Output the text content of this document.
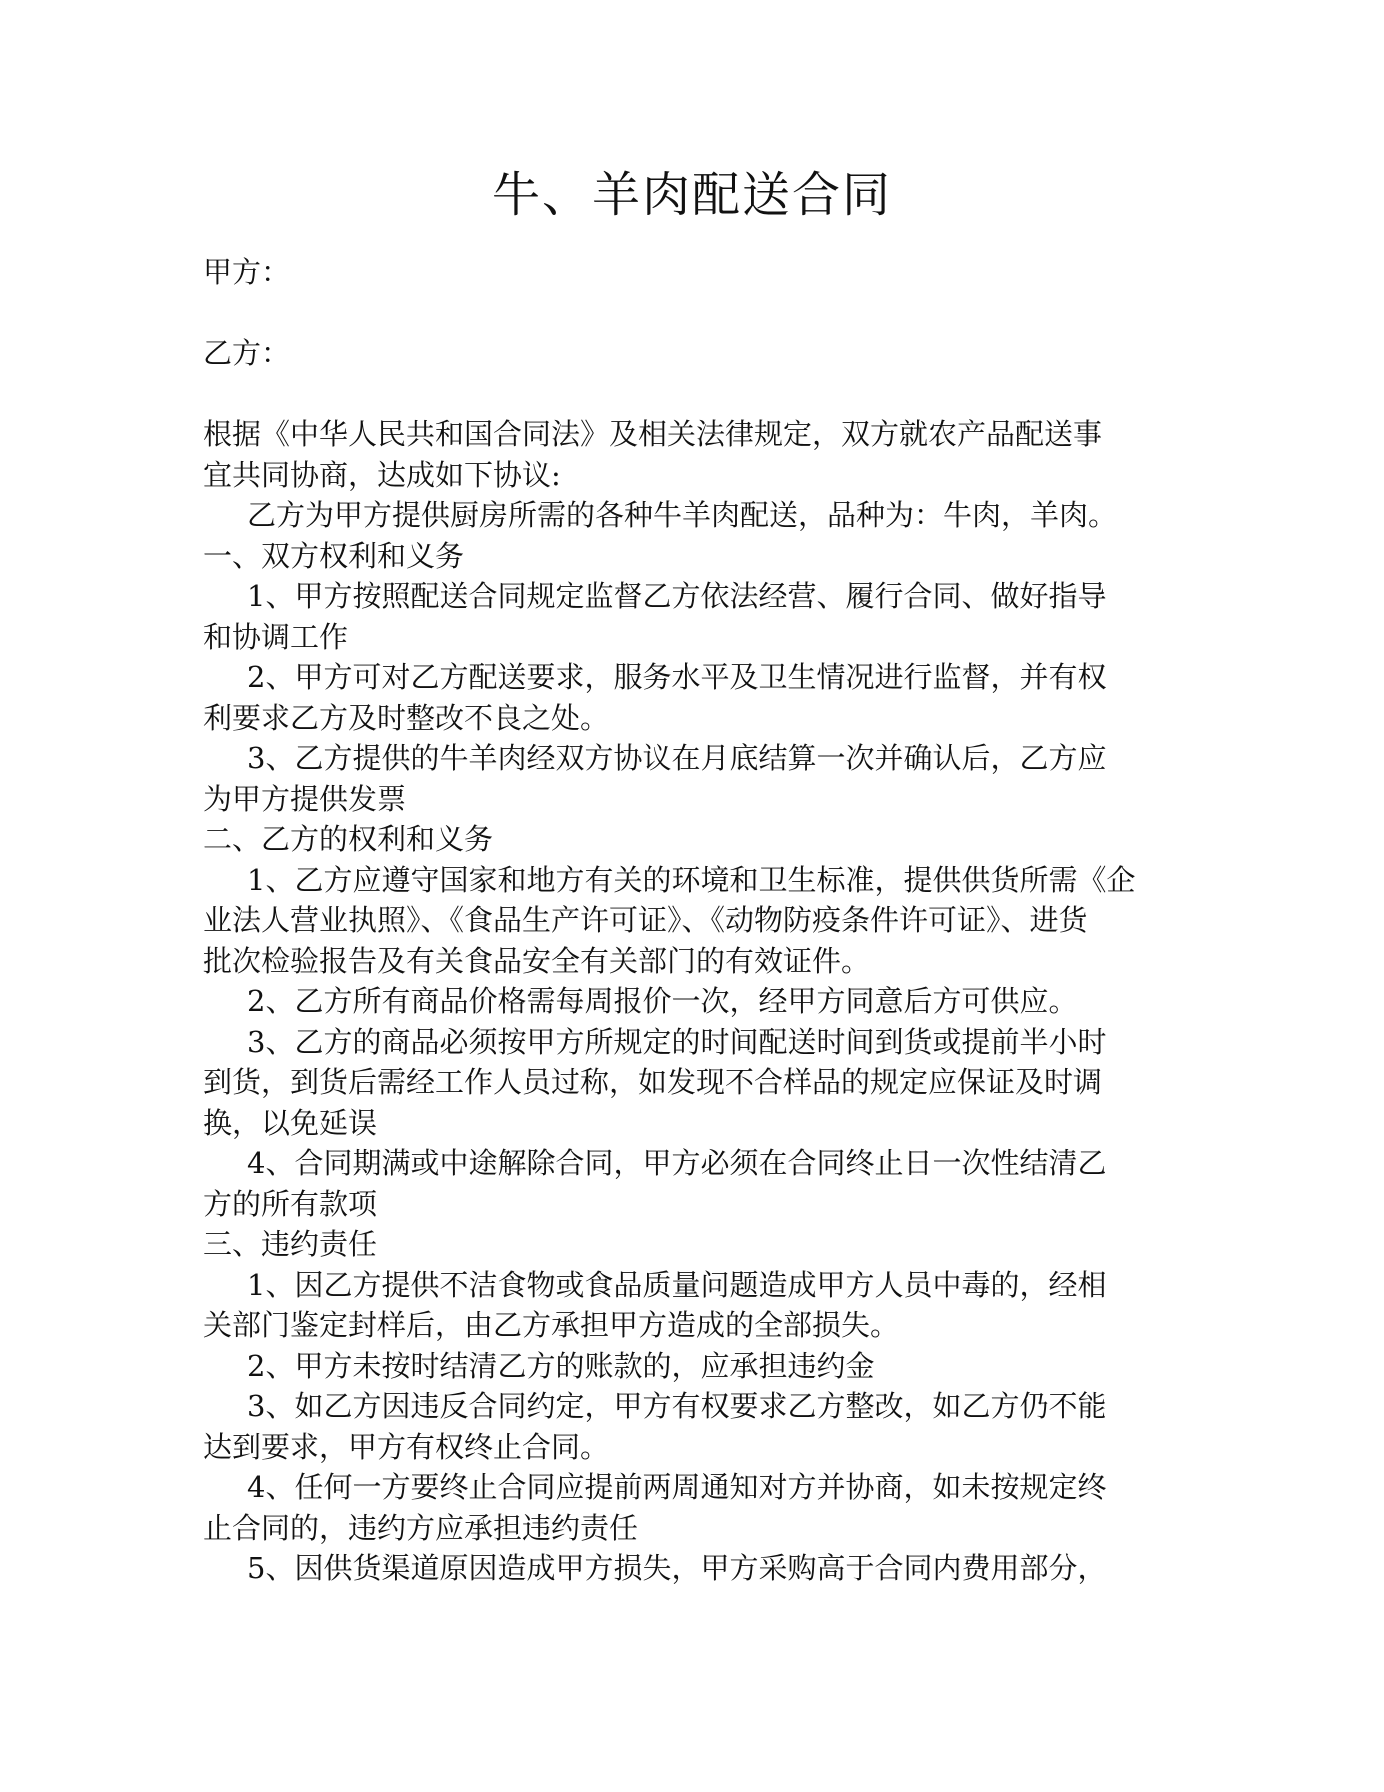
牛、羊肉配送合同
甲方：
乙方：
根据《中华人民共和国合同法》及相关法律规定，双方就农产品配送事
宜共同协商，达成如下协议:
乙方为甲方提供厨房所需的各种牛羊肉配送，品种为：牛肉，羊肉。
一、双方权利和义务
1、甲方按照配送合同规定监督乙方依法经营、履行合同、做好指导
和协调工作
2、甲方可对乙方配送要求，服务水平及卫生情况进行监督，并有权
利要求乙方及时整改不良之处。
3、乙方提供的牛羊肉经双方协议在月底结算一次并确认后，乙方应
为甲方提供发票
二、乙方的权利和义务
1、乙方应遵守国家和地方有关的环境和卫生标准，提供供货所需《企
业法人营业执照》、《食品生产许可证》、《动物防疫条件许可证》、进货
批次检验报告及有关食品安全有关部门的有效证件。
2、乙方所有商品价格需每周报价一次，经甲方同意后方可供应。
3、乙方的商品必须按甲方所规定的时间配送时间到货或提前半小时
到货，到货后需经工作人员过称，如发现不合样品的规定应保证及时调
换，以免延误
4、合同期满或中途解除合同，甲方必须在合同终止日一次性结清乙
方的所有款项
三、违约责任
1、因乙方提供不洁食物或食品质量问题造成甲方人员中毒的，经相
关部门鉴定封样后，由乙方承担甲方造成的全部损失。
2、甲方未按时结清乙方的账款的，应承担违约金
3、如乙方因违反合同约定，甲方有权要求乙方整改，如乙方仍不能
达到要求，甲方有权终止合同。
4、任何一方要终止合同应提前两周通知对方并协商，如未按规定终
止合同的，违约方应承担违约责任
5、因供货渠道原因造成甲方损失，甲方采购高于合同内费用部分，
